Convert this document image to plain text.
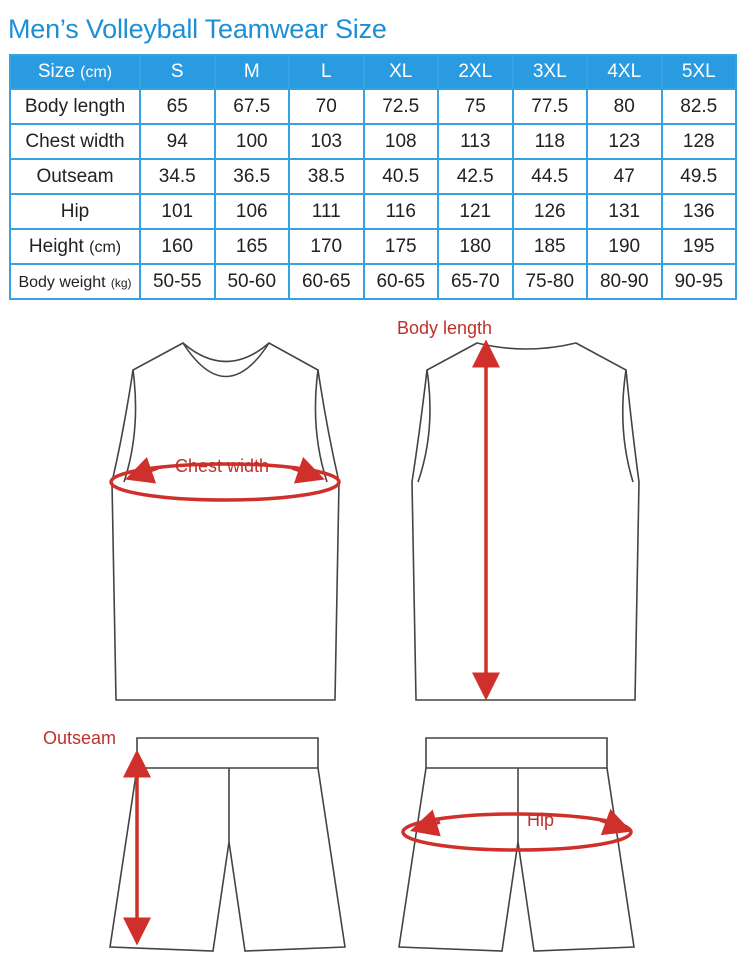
Men’s Volleyball Teamwear Size
Size (cm)	S	M	L	XL	2XL	3XL	4XL	5XL
Body length	65	67.5	70	72.5	75	77.5	80	82.5
Chest width	94	100	103	108	113	118	123	128
Outseam	34.5	36.5	38.5	40.5	42.5	44.5	47	49.5
Hip	101	106	111	116	121	126	131	136
Height (cm)	160	165	170	175	180	185	190	195
Body weight (kg)	50-55	50-60	60-65	60-65	65-70	75-80	80-90	90-95
Chest width
Body length
Outseam
Hip
